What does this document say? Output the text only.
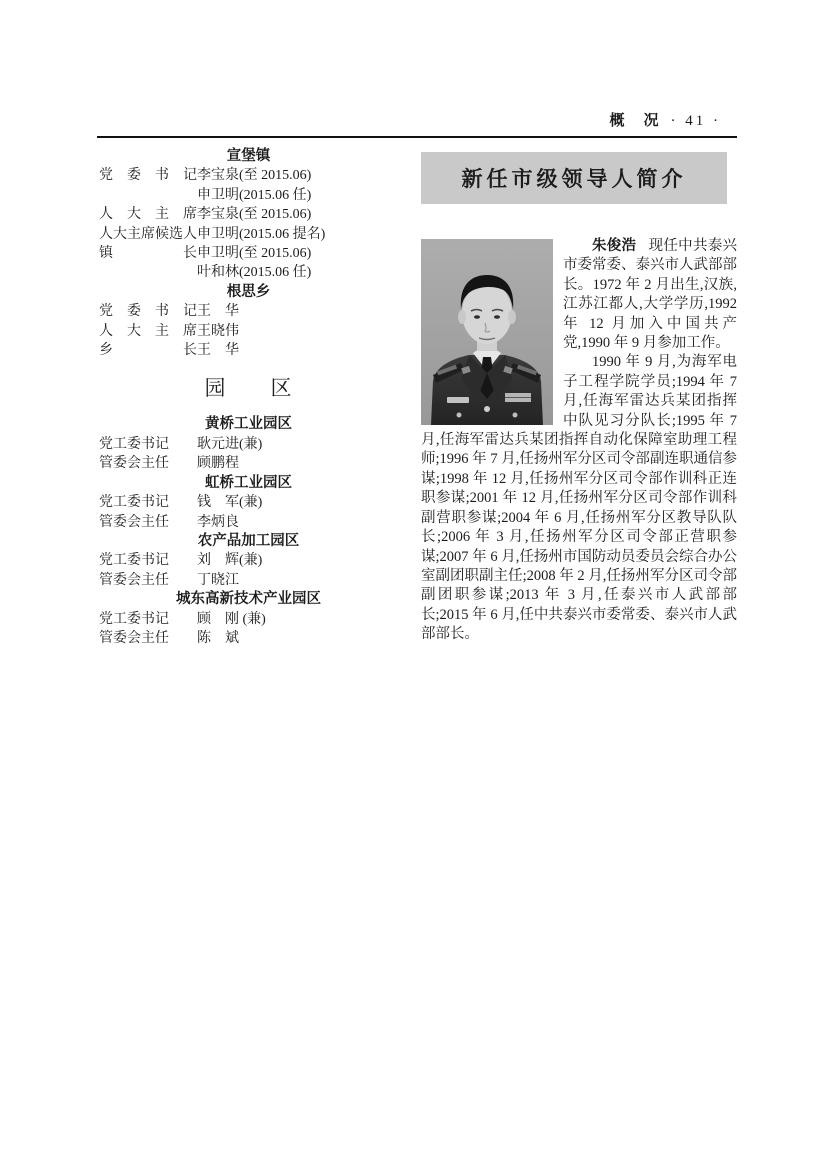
概　况 · 41 ·
宣堡镇
党　委　书　记 李宝泉(至 2015.06)
申卫明(2015.06 任)
人　大　主　席 李宝泉(至 2015.06)
人大主席候选人 申卫明(2015.06 提名)
镇　　　　　长 申卫明(至 2015.06)
叶和林(2015.06 任)
根思乡
党　委　书　记 王　华
人　大　主　席 王晓伟
乡　　　　　长 王　华
园　　区
黄桥工业园区
党工委书记	耿元进(兼)
管委会主任	顾鹏程
虹桥工业园区
党工委书记	钱　军(兼)
管委会主任	李炳良
农产品加工园区
党工委书记	刘　辉(兼)
管委会主任	丁晓江
城东高新技术产业园区
党工委书记	顾　刚 (兼)
管委会主任	陈　斌
新任市级领导人简介

朱俊浩 现任中共泰兴市委常委、泰兴市人武部部长。1972 年 2 月出生,汉族,江苏江都人,大学学历,1992 年 12 月加入中国共产党,1990 年 9 月参加工作。

1990 年 9 月,为海军电子工程学院学员;1994 年 7 月,任海军雷达兵某团指挥中队见习分队长;1995 年 7 月,任海军雷达兵某团指挥自动化保障室助理工程师;1996 年 7 月,任扬州军分区司令部副连职通信参谋;1998 年 12 月,任扬州军分区司令部作训科正连职参谋;2001 年 12 月,任扬州军分区司令部作训科副营职参谋;2004 年 6 月,任扬州军分区教导队队长;2006 年 3 月,任扬州军分区司令部正营职参谋;2007 年 6 月,任扬州市国防动员委员会综合办公室副团职副主任;2008 年 2 月,任扬州军分区司令部副团职参谋;2013 年 3 月,任泰兴市人武部部长;2015 年 6 月,任中共泰兴市委常委、泰兴市人武部部长。
